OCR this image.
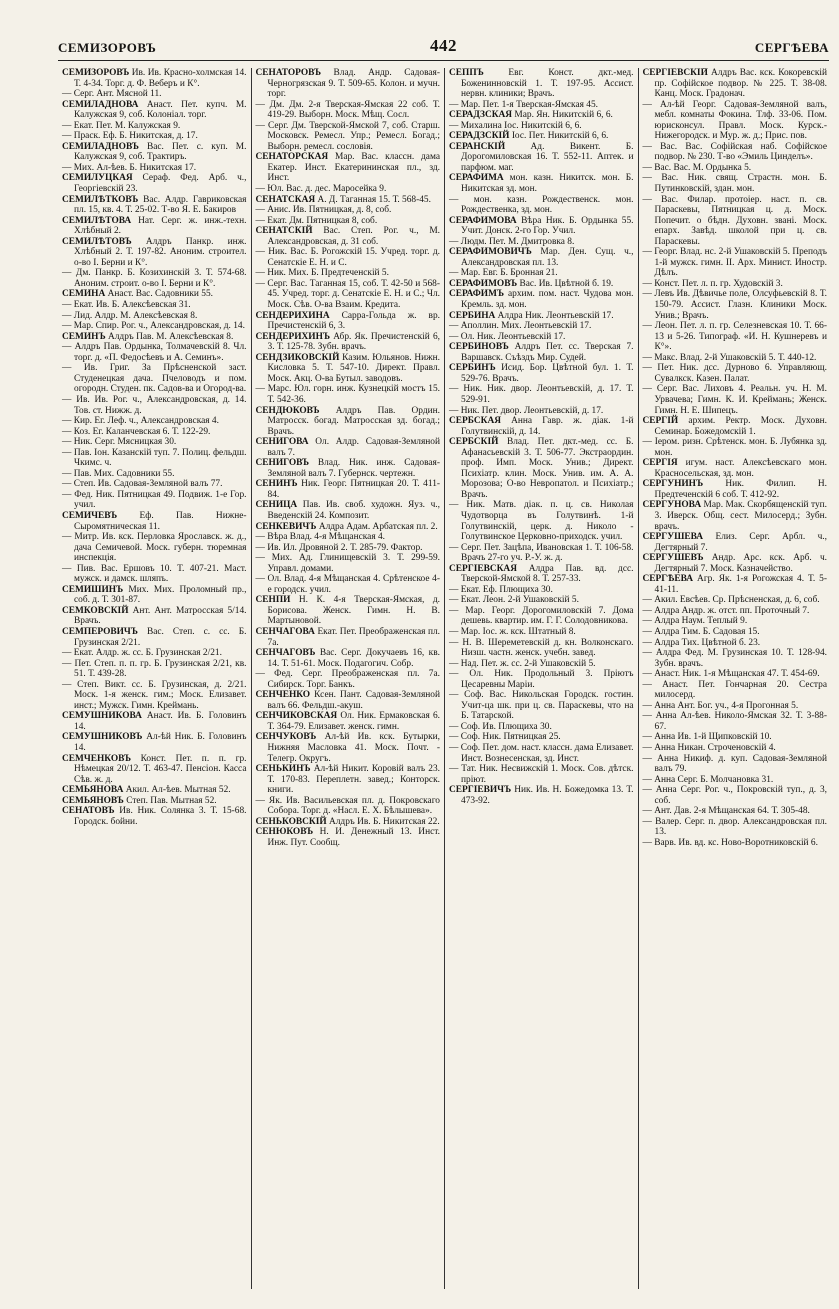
СЕМИЗОРОВЪ	442	СЕРГѢЕВА

СЕМИЗОРОВЪ Ив. Ив. Красно-холмская 14. Т. 4-34. Торг. д. Ф. Веберъ и К°.

— Серг. Ант. Мясной 11.

СЕМИЛАДНОВА Анаст. Пет. купч. М. Калужская 9, соб. Колоніал. торг.

— Екат. Пет. М. Калужская 9.

— Праск. Еф. Б. Никитская, д. 17.

СЕМИЛАДНОВЪ Вас. Пет. с. куп. М. Калужская 9, соб. Трактиръ.

— Мих. Ал-ѣев. Б. Никитская 17.

СЕМИЛУЦКАЯ Сераф. Фед. Арб. ч., Георгіевскій 23.

СЕМИЛѢТКОВЪ Вас. Алдр. Гавриковская пл. 15, кв. 4. Т. 25-02. Т-во Я. Е. Бакиров

СЕМИЛѢТОВА Нат. Серг. ж. инж.-техн. Хлѣбный 2.

СЕМИЛѢТОВЪ Алдръ Панкр. инж. Хлѣбный 2. Т. 197-82. Аноним. строител. о-во I. Берни и К°.

— Дм. Панкр. Б. Козихинскій 3. Т. 574-68. Аноним. строит. о-во I. Берни и К°.

СЕМИНА Анаст. Вас. Садовники 55.

— Екат. Ив. Б. Алексѣевская 31.

— Лид. Алдр. М. Алексѣевская 8.

— Мар. Спир. Рог. ч., Александровская, д. 14.

СЕМИНЪ Алдръ Пав. М. Алексѣевская 8.

— Алдръ Пав. Ордынка, Толмачевскій 8. Чл. торг. д. «П. Федосѣевъ и А. Семинъ».

— Ив. Григ. За Прѣсненской заст. Студенецкая дача. Пчеловодъ и пом. огородн. Студен. пк. Садов-ва и Огород-ва.

— Ив. Ив. Рог. ч., Александровская, д. 14. Тов. ст. Нижж. д.

— Кир. Ег. Леф. ч., Александровская 4.

— Коз. Ег. Каланчевская 6. Т. 122-29.

— Ник. Серг. Мясницкая 30.

— Пав. Іон. Казанскій туп. 7. Полиц. фельдш. Чкимс. ч.

— Пав. Мих. Садовники 55.

— Степ. Ив. Садовая-Земляной валъ 77.

— Фед. Ник. Пятницкая 49. Подвиж. 1-е Гор. учил.

СЕМИЧЕВЪ Еф. Пав. Нижне-Сыромятническая 11.

— Митр. Ив. кск. Перловка Ярославск. ж. д., дача Семичевой. Моск. губерн. тюремная инспекція.

— Пив. Вас. Ершовъ 10. Т. 407-21. Маст. мужск. и дамск. шляпъ.

СЕМИШИНЪ Мих. Мих. Проломный пр., соб. д. Т. 301-87.

СЕМКОВСКІЙ Ант. Ант. Матросская 5/14. Врачъ.

СЕМПЕРОВИЧЪ Вас. Степ. с. сс. Б. Грузинская 2/21.

— Екат. Алдр. ж. сс. Б. Грузинская 2/21.

— Пет. Степ. п. п. гр. Б. Грузинская 2/21, кв. 51. Т. 439-28.

— Степ. Викт. сс. Б. Грузинская, д. 2/21. Моск. 1-я женск. гим.; Моск. Елизавет. инст.; Мужск. Гимн. Креймань.

СЕМУШНИКОВА Анаст. Ив. Б. Головинъ 14.

СЕМУШНИКОВЪ Ал-ѣй Ник. Б. Головинъ 14.

СЕМЧЕНКОВЪ Конст. Пет. п. п. гр. Нѣмецкая 20/12. Т. 463-47. Пенсіон. Касса Сѣв. ж. д.

СЕМЬЯНОВА Акил. Ал-ѣев. Мытная 52.

СЕМЬЯНОВЪ Степ. Пав. Мытная 52.

СЕНАТОВЪ Ив. Ник. Солянка 3. Т. 15-68. Городск. бойни.

СЕНАТОРОВЪ Влад. Андр. Садовая-Черногрязская 9. Т. 509-65. Колон. и мучн. торг.

— Дм. Дм. 2-я Тверская-Ямская 22 соб. Т. 419-29. Выборн. Моск. Мѣщ. Сосл.

— Серг. Дм. Тверской-Ямской 7, соб. Старш. Московск. Ремесл. Упр.; Ремесл. Богад.; Выборн. ремесл. сословія.

СЕНАТОРСКАЯ Мар. Вас. классн. дама Екатер. Инст. Екатерининская пл., зд. Инст.

— Юл. Вас. д. дес. Маросейка 9.

СЕНАТСКАЯ А. Д. Таганная 15. Т. 568-45.

— Анис. Ив. Пятницкая, д. 8, соб.

— Екат. Дм. Пятницкая 8, соб.

СЕНАТСКІЙ Вас. Степ. Рог. ч., М. Александровская, д. 31 соб.

— Ник. Вас. Б. Рогожскій 15. Учред. торг. д. Сенатскіе Е. Н. и С.

— Ник. Мих. Б. Предтеченскій 5.

— Серг. Вас. Таганная 15, соб. Т. 42-50 и 568-45. Учред. торг. д. Сенатскіе Е. Н. и С.; Чл. Моск. Сѣв. О-ва Взаим. Кредита.

СЕНДЕРИХИНА Сарра-Гольда ж. вр. Пречистенскій 6, 3.

СЕНДЕРИХИНЪ Абр. Як. Пречистенскій 6, 3. Т. 125-78. Зубн. врачъ.

СЕНДЗИКОВСКІЙ Казим. Юльянов. Нижн. Кисловка 5. Т. 547-10. Директ. Правл. Моск. Акц. О-ва Бутыл. заводовъ.

— Марс. Юл. горн. инж. Кузнецкій мостъ 15. Т. 542-36.

СЕНДЮКОВЪ Алдръ Пав. Ордин. Матросск. богад. Матросская зд. богад.; Врачъ.

СЕНИГОВА Ол. Алдр. Садовая-Земляной валъ 7.

СЕНИГОВЪ Влад. Ник. инж. Садовая-Земляной валъ 7. Губернск. чертежн.

СЕНИНЪ Ник. Георг. Пятницкая 20. Т. 411-84.

СЕНИЦА Пав. Ив. своб. художн. Яуз. ч., Введенскій 24. Композит.

СЕНКЕВИЧЪ Алдра Адам. Арбатская пл. 2.

— Вѣра Влад. 4-я Мѣщанская 4.

— Ив. Ил. Дровяной 2. Т. 285-79. Фактор.

— Мих. Ад. Глинищевскій 3. Т. 299-59. Управл. домами.

— Ол. Влад. 4-я Мѣщанская 4. Срѣтенское 4-е городск. учил.

СЕНПИ Н. К. 4-я Тверская-Ямская, д. Борисова. Женск. Гимн. Н. В. Мартыновой.

СЕНЧАГОВА Екат. Пет. Преображенская пл. 7а.

СЕНЧАГОВЪ Вас. Серг. Докучаевъ 16, кв. 14. Т. 51-61. Моск. Подагогич. Собр.

— Фед. Серг. Преображенская пл. 7а. Сибирск. Торг. Банкъ.

СЕНЧЕНКО Ксен. Пант. Садовая-Земляной валъ 66. Фельдш.-акуш.

СЕНЧИКОВСКАЯ Ол. Ник. Ермаковская 6. Т. 364-79. Елизавет. женск. гимн.

СЕНЧУКОВЪ Ал-ѣй Ив. кск. Бутырки, Нижняя Масловка 41. Моск. Почт. - Телегр. Округъ.

СЕНЬКИНЪ Ал-ѣй Никит. Коровій валъ 23. Т. 170-83. Переплетн. завед.; Конторск. книги.

— Як. Ив. Васильевская пл. д. Покровскаго Собора. Торг. д. «Насл. Е. Х. Бѣлышева».

СЕНЬКОВСКІЙ Алдръ Ив. Б. Никитская 22.

СЕНЮКОВЪ Н. И. Денежный 13. Инст. Инж. Пут. Сообщ.

СЕППЪ Евг. Конст. дкт.-мед. Боженинновскій 1. Т. 197-95. Ассист. нервн. клиники; Врачъ.

— Мар. Пет. 1-я Тверская-Ямская 45.

СЕРАДЗСКАЯ Мар. Ян. Никитскій 6, 6.

— Михалина Іос. Никитскій 6, 6.

СЕРАДЗСКІЙ Іос. Пет. Никитскій 6, 6.

СЕРАНСКІЙ Ад. Викент. Б. Дорогомиловская 16. Т. 552-11. Аптек. и парфюм. маг.

СЕРАФИМА мон. казн. Никитск. мон. Б. Никитская зд. мон.

— мон. казн. Рождественск. мон. Рождественка, зд. мон.

СЕРАФИМОВА Вѣра Ник. Б. Ордынка 55. Учит. Донск. 2-го Гор. Учил.

— Людм. Пет. М. Дмитровка 8.

СЕРАФИМОВИЧЪ Мар. Ден. Сущ. ч., Александровская пл. 13.

— Мар. Евг. Б. Бронная 21.

СЕРАФИМОВЪ Вас. Ив. Цвѣтной б. 19.

СЕРАФИМЪ архим. пом. наст. Чудова мон. Кремль. зд. мон.

СЕРБИНА Алдра Ник. Леонтьевскій 17.

— Аполлин. Мих. Леонтьевскій 17.

— Ол. Ник. Леонтьевскій 17.

СЕРБИНОВЪ Алдръ Пет. сс. Тверская 7. Варшавск. Съѣздъ Мир. Судей.

СЕРБИНЪ Исид. Бор. Цвѣтной бул. 1. Т. 529-76. Врачъ.

— Ник. Ник. двор. Леонтьевскій, д. 17. Т. 529-91.

— Ник. Пет. двор. Леонтьевскій, д. 17.

СЕРБСКАЯ Анна Гавр. ж. діак. 1-й Голутвинскій, д. 14.

СЕРБСКІЙ Влад. Пет. дкт.-мед. сс. Б. Афанасьевскій 3. Т. 506-77. Экстраордин. проф. Имп. Моск. Унив.; Директ. Психіатр. клин. Моск. Унив. им. А. А. Морозова; О-во Невропатол. и Психіатр.; Врачъ.

— Ник. Матв. діак. п. ц. св. Николая Чудотворца въ Голутвинѣ. 1-й Голутвинскій, церк. д. Николо - Голутвинское Церковно-приходск. учил.

— Серг. Пет. Зацѣпа, Ивановская 1. Т. 106-58. Врачъ 27-го уч. Р.-У. ж. д.

СЕРГІЕВСКАЯ Алдра Пав. вд. дсс. Тверской-Ямской 8. Т. 257-33.

— Екат. Еф. Плющиха 30.

— Екат. Леон. 2-й Ушаковскій 5.

— Мар. Георг. Дорогомиловскій 7. Дома дешевь. квартир. им. Г. Г. Солодовникова.

— Мар. Іос. ж. кск. Штатный 8.

— Н. В. Шереметевскій д. кн. Волконскаго. Низш. частн. женск. учебн. завед.

— Над. Пет. ж. сс. 2-й Ушаковскій 5.

— Ол. Ник. Продольный 3. Пріютъ Цесаревны Маріи.

— Соф. Вас. Никольская Городск. гостин. Учит-ца шк. при ц. св. Параскевы, что на Б. Татарской.

— Соф. Ив. Плющиха 30.

— Соф. Ник. Пятницкая 25.

— Соф. Пет. дом. наст. классн. дама Елизавет. Инст. Вознесенская, зд. Инст.

— Тат. Ник. Несвижскій 1. Моск. Сов. дѣтск. пріют.

СЕРГІЕВИЧЪ Ник. Ив. Н. Божедомка 13. Т. 473-92.

СЕРГІЕВСКІЙ Алдръ Вас. кск. Кокоревскій пр. Софійское подвор. № 225. Т. 38-08. Канц. Моск. Градонач.

— Ал-ѣй Георг. Садовая-Земляной валъ, мебл. комнаты Фокина. Тлф. 33-06. Пом. юрисконсул. Правл. Моск. Курск.-Нижегородск. и Мур. ж. д.; Прис. пов.

— Вас. Вас. Софійская наб. Софійское подвор. № 230. Т-во «Эмиль Цинделъ».

— Вас. Вас. М. Ордынка 5.

— Вас. Ник. свящ. Страстн. мон. Б. Путинковскій, здан. мон.

— Вас. Филар. протоіер. наст. п. св. Параскевы, Пятницкая ц. д. Моск. Попечит. о бѣдн. Духовн. звані. Моск. епарх. Завѣд. школой при ц. св. Параскевы.

— Георг. Влад. нс. 2-й Ушаковскій 5. Преподъ 1-й мужск. гимн. II. Арх. Минист. Иностр. Дѣлъ.

— Конст. Пет. л. п. гр. Худовскій 3.

— Левъ Ив. Дѣвичье поле, Олсуфьевскій 8. Т. 150-79. Ассист. Глазн. Клиники Моск. Унив.; Врачъ.

— Леон. Пет. л. п. гр. Селезневская 10. Т. 66-13 и 5-26. Типограф. «И. Н. Кушнеревъ и К°».

— Макс. Влад. 2-й Ушаковскій 5. Т. 440-12.

— Пет. Ник. дсс. Дурново 6. Управляющ. Сувалкск. Казен. Палат.

— Серг. Вас. Лиховъ 4. Реальн. уч. Н. М. Урвачева; Гимн. К. И. Креймань; Женск. Гимн. Н. Е. Шипецъ.

СЕРГІЙ архим. Ректр. Моск. Духовн. Семинар. Божедомскій 1.

— Іером. ризн. Срѣтенск. мон. Б. Лубянка зд. мон.

СЕРГІЯ игум. наст. Алексѣевскаго мон. Красносельская, зд. мон.

СЕРГУНИНЪ Ник. Филип. Н. Предтеченскій 6 соб. Т. 412-92.

СЕРГУНОВА Мар. Мак. Скорбященскій туп. 3. Иверск. Общ. сест. Милосерд.; Зубн. врачъ.

СЕРГУШЕВА Елиз. Серг. Арбл. ч., Дегтярный 7.

СЕРГУШЕВЪ Андр. Арс. кск. Арб. ч. Дегтярный 7. Моск. Казначейство.

СЕРГѢЕВА Агр. Як. 1-я Рогожская 4. Т. 5-41-11.

— Акил. Евсѣев. Ср. Прѣсненская, д. 6, соб.

— Алдра Андр. ж. отст. пп. Проточный 7.

— Алдра Наум. Теплый 9.

— Алдра Тим. Б. Садовая 15.

— Алдра Тих. Цвѣтной б. 23.

— Алдра Фед. М. Грузинская 10. Т. 128-94. Зубн. врачъ.

— Анаст. Ник. 1-я Мѣщанская 47. Т. 454-69.

— Анаст. Пет. Гончарная 20. Сестра милосерд.

— Анна Ант. Бог. уч., 4-я Прогонная 5.

— Анна Ал-ѣев. Николо-Ямская 32. Т. 3-88-67.

— Анна Ив. 1-й Щипковскій 10.

— Анна Никан. Строченовскій 4.

— Анна Никиф. д. куп. Садовая-Земляной валъ 79.

— Анна Серг. Б. Молчановка 31.

— Анна Серг. Рог. ч., Покровскій туп., д. 3, соб.

— Ант. Дав. 2-я Мѣщанская 64. Т. 305-48.

— Валер. Серг. п. двор. Александровская пл. 13.

— Варв. Ив. вд. кс. Ново-Воротниковскій 6.
